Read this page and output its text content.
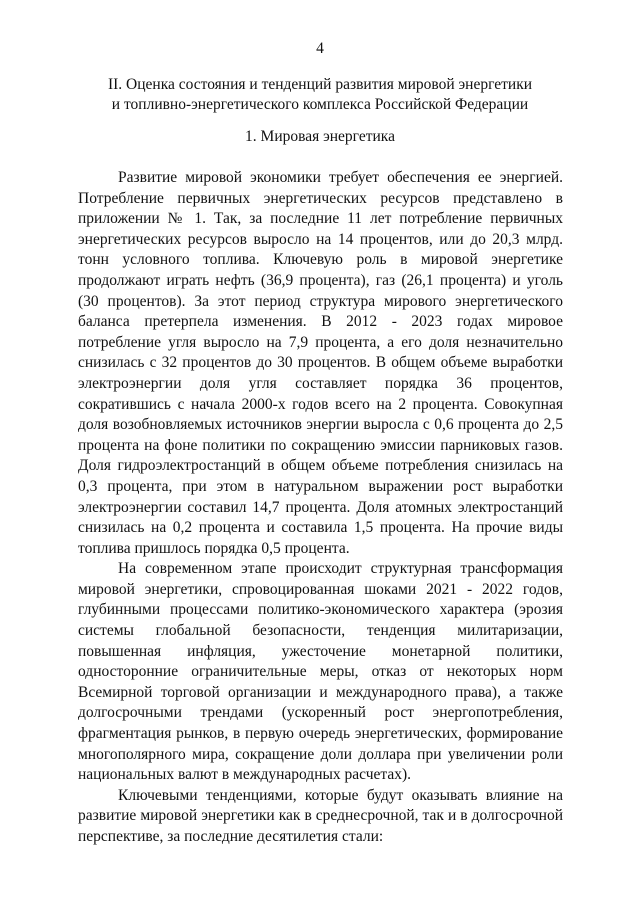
4
II. Оценка состояния и тенденций развития мировой энергетики
и топливно-энергетического комплекса Российской Федерации
1. Мировая энергетика

Развитие мировой экономики требует обеспечения ее энергией. Потребление первичных энергетических ресурсов представлено в приложении № 1. Так, за последние 11 лет потребление первичных энергетических ресурсов выросло на 14 процентов, или до 20,3 млрд. тонн условного топлива. Ключевую роль в мировой энергетике продолжают играть нефть (36,9 процента), газ (26,1 процента) и уголь (30 процентов). За этот период структура мирового энергетического баланса претерпела изменения. В 2012 - 2023 годах мировое потребление угля выросло на 7,9 процента, а его доля незначительно снизилась с 32 процентов до 30 процентов. В общем объеме выработки электроэнергии доля угля составляет порядка 36 процентов, сократившись с начала 2000-х годов всего на 2 процента. Совокупная доля возобновляемых источников энергии выросла с 0,6 процента до 2,5 процента на фоне политики по сокращению эмиссии парниковых газов. Доля гидроэлектростанций в общем объеме потребления снизилась на 0,3 процента, при этом в натуральном выражении рост выработки электроэнергии составил 14,7 процента. Доля атомных электростанций снизилась на 0,2 процента и составила 1,5 процента. На прочие виды топлива пришлось порядка 0,5 процента.

На современном этапе происходит структурная трансформация мировой энергетики, спровоцированная шоками 2021 - 2022 годов, глубинными процессами политико-экономического характера (эрозия системы глобальной безопасности, тенденция милитаризации, повышенная инфляция, ужесточение монетарной политики, односторонние ограничительные меры, отказ от некоторых норм Всемирной торговой организации и международного права), а также долгосрочными трендами (ускоренный рост энергопотребления, фрагментация рынков, в первую очередь энергетических, формирование многополярного мира, сокращение доли доллара при увеличении роли национальных валют в международных расчетах).

Ключевыми тенденциями, которые будут оказывать влияние на развитие мировой энергетики как в среднесрочной, так и в долгосрочной перспективе, за последние десятилетия стали:
